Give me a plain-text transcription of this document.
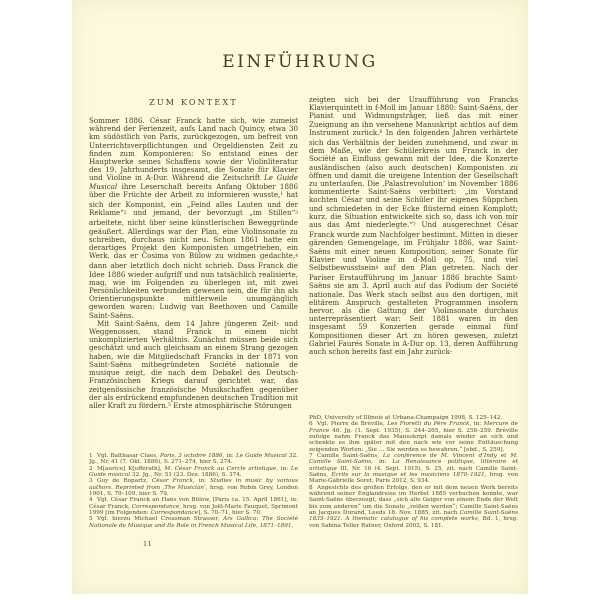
EINFÜHRUNG
ZUM KONTEXT

Sommer 1886. César Franck hatte sich, wie zumeist während der Ferienzeit, aufs Land nach Quincy, etwa 30 km südöstlich von Paris, zurückgezogen, um befreit von Unterrichtsverpflichtungen und Orgeldiensten Zeit zu finden zum Komponieren: So entstand eines der Hauptwerke seines Schaffens sowie der Violinliteratur des 19. Jahrhunderts insgesamt, die Sonate für Klavier und Violine in A-Dur. Während die Zeitschrift Le Guide Musical ihre Leserschaft bereits Anfang Oktober 1886 über die Früchte der Arbeit zu informieren wusste,$^1$ hat sich der Komponist, ein „Feind alles Lauten und der Reklame“$^2$ und jemand, der bevorzugt „im Stillen“$^3$ arbeitete, nicht über seine künstlerischen Beweggründe geäußert. Allerdings war der Plan, eine Violinsonate zu schreiben, durchaus nicht neu. Schon 1861 hatte ein derartiges Projekt den Komponisten umgetrieben, ein Werk, das er Cosima von Bülow zu widmen gedachte,$^4$ dann aber letztlich doch nicht schrieb. Dass Franck die Idee 1886 wieder aufgriff und nun tatsächlich realisierte, mag, wie im Folgenden zu überlegen ist, mit zwei Persönlichkeiten verbunden gewesen sein, die für ihn als Orientierungspunkte mittlerweile unumgänglich geworden waren: Ludwig van Beethoven und Camille Saint-Saëns.

Mit Saint-Saëns, dem 14 Jahre jüngeren Zeit- und Weggenossen, stand Franck in einem nicht unkomplizierten Verhältnis. Zunächst müssen beide sich geschätzt und auch gleichsam an einem Strang gezogen haben, wie die Mitgliedschaft Francks in der 1871 von Saint-Saëns mitbegründeten Société nationale de musique zeigt, die nach dem Debakel des Deutsch-Französischen Kriegs darauf gerichtet war, das zeitgenössische französische Musikschaffen gegenüber der als erdrückend empfundenen deutschen Tradition mit aller Kraft zu fördern.$^5$ Erste atmosphärische Störungen

1 Vgl. Balthasar Claes, Paris, 3 octobre 1886, in: Le Guide Musical 32. Jg., Nr. 41 (7. Okt. 1886), S. 271–274, hier S. 274.

2 M[aurice] K[ufferath], M. César Franck au Cercle artistique, in: Le Guide musical 32. Jg., Nr. 51 (23. Dez. 1886), S. 374.

3 Guy de Ropartz, César Franck, in: Studies in music by various authors. Reprinted from ‚The Musician‘, hrsg. von Robin Grey, London 1901, S. 79–109, hier S. 79.

4 Vgl. César Franck an Hans von Bülow, [Paris ca. 15. April 1861], in: César Franck, Correspondance, hrsg. von Joël-Marie Fauquet, Sprimont 1999 [im Folgenden: Correspondance], S. 70–71, hier S. 70.

5 Vgl. hierzu Michael Creasman Strasser, Ars Gallica: The Société Nationale de Musique and Its Role in French Musical Life, 1871–1891,

zeigten sich bei der Uraufführung von Francks Klavierquintett in f-Moll im Januar 1880: Saint-Saëns, der Pianist und Widmungsträger, ließ das mit einer Zueignung an ihn versehene Manuskript achtlos auf dem Instrument zurück.$^6$ In den folgenden Jahren verhärtete sich das Verhältnis der beiden zunehmend, und zwar in dem Maße, wie der Schülerkreis um Franck in der Société an Einfluss gewann mit der Idee, die Konzerte ausländischen (also auch deutschen) Komponisten zu öffnen und damit die ureigene Intention der Gesellschaft zu unterlaufen. Die ‚Palastrevolution‘ im November 1886 kommentierte Saint-Saëns verbittert: „im Vorstand kochten César und seine Schüler ihr eigenes Süppchen und schmiedeten in der Ecke flüsternd einen Komplott; kurz, die Situation entwickelte sich so, dass ich von mir aus das Amt niederlegte.“$^7$ Und ausgerechnet César Franck wurde zum Nachfolger bestimmt. Mitten in dieser gärenden Gemengelage, im Frühjahr 1886, war Saint-Saëns mit einer neuen Komposition, seiner Sonate für Klavier und Violine in d-Moll op. 75, und viel Selbstbewusstsein$^8$ auf den Plan getreten. Nach der Pariser Erstaufführung im Januar 1886 brachte Saint-Saëns sie am 3. April auch auf das Podium der Société nationale. Das Werk stach selbst aus den dortigen, mit elitärem Anspruch gestalteten Programmen insofern hervor, als die Gattung der Violinsonate durchaus unterrepräsentiert war: Seit 1881 waren in den insgesamt 59 Konzerten gerade einmal fünf Kompositionen dieser Art zu hören gewesen, zuletzt Gabriel Faurés Sonate in A-Dur op. 13, deren Aufführung auch schon bereits fast ein Jahr zurück-

PhD, University of Illinois at Urbana-Champaign 1998, S. 125–142.

6 Vgl. Pierre de Bréville, Les Fioretti du Père Franck, in: Mercure de France 46. Jg. (1. Sept. 1935), S. 244–265, hier S. 258–259. Bréville zufolge nahm Franck das Manuskript damals wieder an sich und schenkte es ihm später mit den nach wie vor seine Enttäuschung zeigenden Worten: „Sie … Sie werden es bewahren.“ [ebd., S. 259].

7 Camille Saint-Saëns, La conférence de M. Vincent d’Indy et M. Camille Saint-Saëns, in: La Renaissance politique, littéraire et artistique III, Nr. 16 (4. Sept. 1915), S. 25, zit. nach Camille Saint-Saëns, Écrits sur la musique et les musiciens 1870–1921, hrsg. von Marie-Gabrielle Soret, Paris 2012, S. 934.

8 Angesichts des großen Erfolgs, den er mit dem neuen Werk bereits während seiner Englandreise im Herbst 1885 verbuchen konnte, war Saint-Saëns überzeugt, dass „sich alle Geiger von einem Ende der Welt bis zum anderen“ um die Sonate „reißen werden“; Camille Saint-Saëns an Jacques Durand, Leeds 18. Nov. 1885, zit. nach Camille Saint-Saëns 1835–1921. A thematic catalogue of his complete works, Bd. 1, hrsg. von Sabina Teller Ratner, Oxford 2002, S. 181.

11
